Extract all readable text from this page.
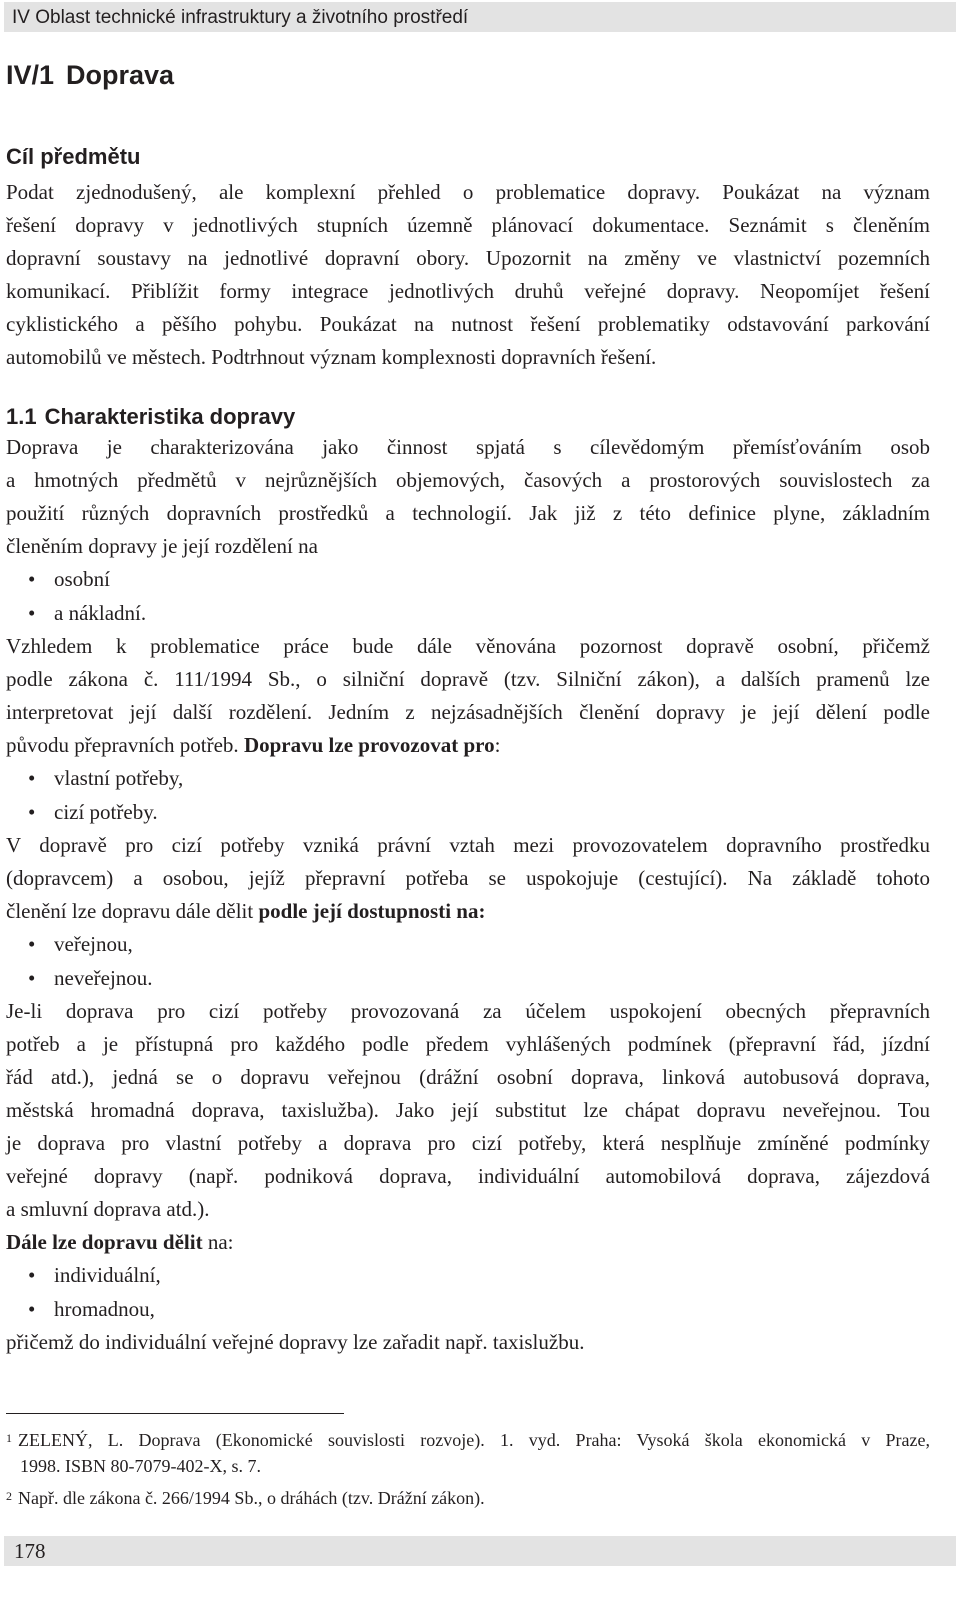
IV Oblast technické infrastruktury a životního prostředí
IV/1 Doprava
Cíl předmětu
Podat zjednodušený, ale komplexní přehled o problematice dopravy. Poukázat na význam
řešení dopravy v jednotlivých stupních územně plánovací dokumentace. Seznámit s členěním
dopravní soustavy na jednotlivé dopravní obory. Upozornit na změny ve vlastnictví pozemních
komunikací. Přiblížit formy integrace jednotlivých druhů veřejné dopravy. Neopomíjet řešení
cyklistického a pěšího pohybu. Poukázat na nutnost řešení problematiky odstavování parkování
automobilů ve městech. Podtrhnout význam komplexnosti dopravních řešení.
1.1 Charakteristika dopravy
Doprava je charakterizována jako činnost spjatá s cílevědomým přemísťováním osob
a hmotných předmětů v nejrůznějších objemových, časových a prostorových souvislostech za
použití různých dopravních prostředků a technologií. Jak již z této definice plyne, základním
členěním dopravy je její rozdělení na
• osobní
• a nákladní.
Vzhledem k problematice práce bude dále věnována pozornost dopravě osobní, přičemž
podle zákona č. 111/1994 Sb., o silniční dopravě (tzv. Silniční zákon), a dalších pramenů lze
interpretovat její další rozdělení. Jedním z nejzásadnějších členění dopravy je její dělení podle
původu přepravních potřeb. Dopravu lze provozovat pro:
• vlastní potřeby,
• cizí potřeby.
V dopravě pro cizí potřeby vzniká právní vztah mezi provozovatelem dopravního prostředku
(dopravcem) a osobou, jejíž přepravní potřeba se uspokojuje (cestující). Na základě tohoto
členění lze dopravu dále dělit podle její dostupnosti na:
• veřejnou,
• neveřejnou.
Je-li doprava pro cizí potřeby provozovaná za účelem uspokojení obecných přepravních
potřeb a je přístupná pro každého podle předem vyhlášených podmínek (přepravní řád, jízdní
řád atd.), jedná se o dopravu veřejnou (drážní osobní doprava, linková autobusová doprava,
městská hromadná doprava, taxislužba). Jako její substitut lze chápat dopravu neveřejnou. Tou
je doprava pro vlastní potřeby a doprava pro cizí potřeby, která nesplňuje zmíněné podmínky
veřejné dopravy (např. podniková doprava, individuální automobilová doprava, zájezdová
a smluvní doprava atd.).
Dále lze dopravu dělit na:
• individuální,
• hromadnou,
přičemž do individuální veřejné dopravy lze zařadit např. taxislužbu.
$^1$ ZELENÝ, L. Doprava (Ekonomické souvislosti rozvoje). 1. vyd. Praha: Vysoká škola ekonomická v Praze,
1998. ISBN 80-7079-402-X, s. 7.
$^2$ Např. dle zákona č. 266/1994 Sb., o dráhách (tzv. Drážní zákon).
178
